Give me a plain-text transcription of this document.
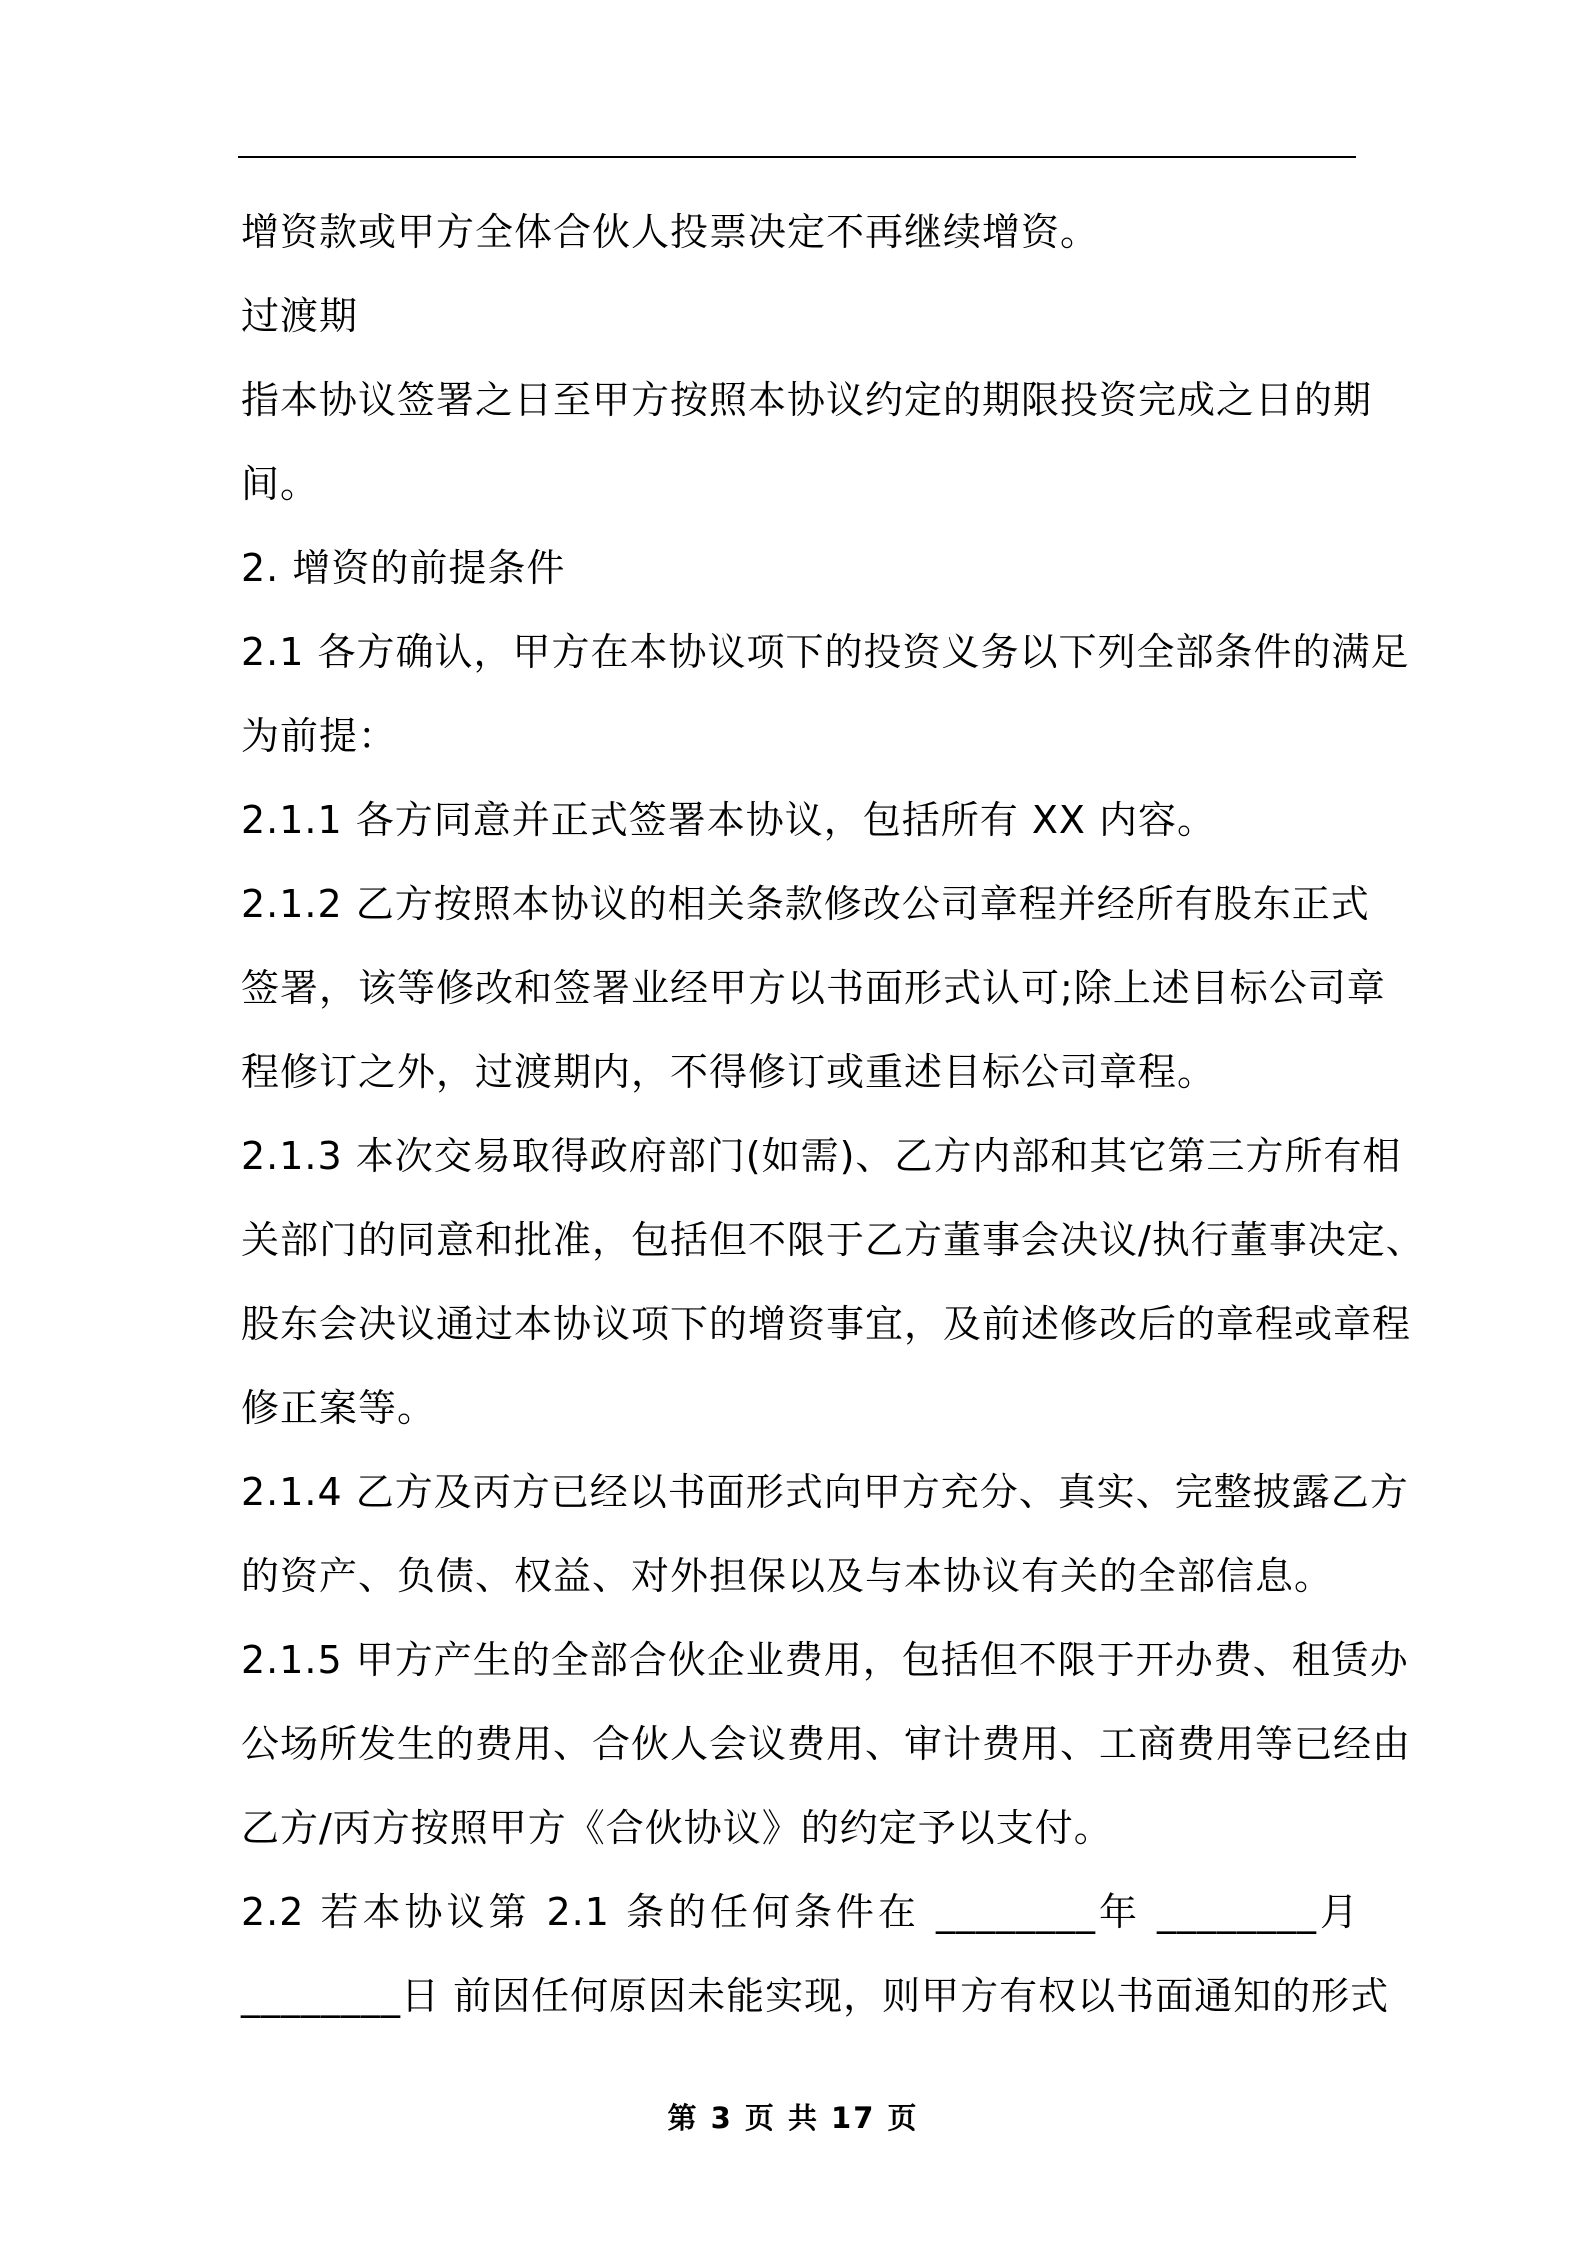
增资款或甲方全体合伙人投票决定不再继续增资。
过渡期
指本协议签署之日至甲方按照本协议约定的期限投资完成之日的期
间。
2. 增资的前提条件
2.1 各方确认，甲方在本协议项下的投资义务以下列全部条件的满足
为前提：
2.1.1 各方同意并正式签署本协议，包括所有 XX 内容。
2.1.2 乙方按照本协议的相关条款修改公司章程并经所有股东正式
签署，该等修改和签署业经甲方以书面形式认可;除上述目标公司章
程修订之外，过渡期内，不得修订或重述目标公司章程。
2.1.3 本次交易取得政府部门(如需)、乙方内部和其它第三方所有相
关部门的同意和批准，包括但不限于乙方董事会决议/执行董事决定、
股东会决议通过本协议项下的增资事宜，及前述修改后的章程或章程
修正案等。
2.1.4 乙方及丙方已经以书面形式向甲方充分、真实、完整披露乙方
的资产、负债、权益、对外担保以及与本协议有关的全部信息。
2.1.5 甲方产生的全部合伙企业费用，包括但不限于开办费、租赁办
公场所发生的费用、合伙人会议费用、审计费用、工商费用等已经由
乙方/丙方按照甲方《合伙协议》的约定予以支付。
2.2 若本协议第 2.1 条的任何条件在 ________年 ________月
________日 前因任何原因未能实现，则甲方有权以书面通知的形式
第 3 页 共 17 页
